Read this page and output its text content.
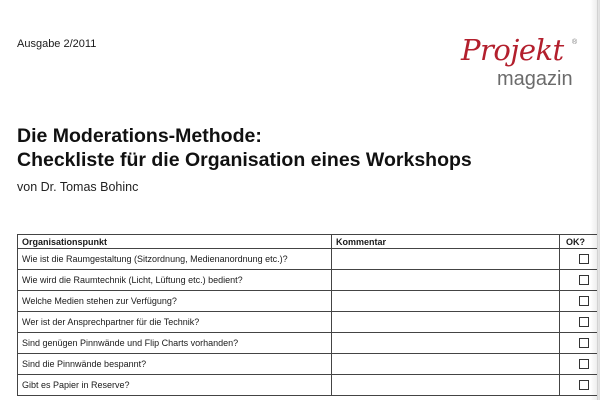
Ausgabe 2/2011	Projekt ®
magazin
Die Moderations-Methode:
Checkliste für die Organisation eines Workshops
von Dr. Tomas Bohinc
Organisationspunkt	Kommentar	OK?
Wie ist die Raumgestaltung (Sitzordnung, Medienanordnung etc.)?		
Wie wird die Raumtechnik (Licht, Lüftung etc.) bedient?		
Welche Medien stehen zur Verfügung?		
Wer ist der Ansprechpartner für die Technik?		
Sind genügen Pinnwände und Flip Charts vorhanden?		
Sind die Pinnwände bespannt?		
Gibt es Papier in Reserve?		
